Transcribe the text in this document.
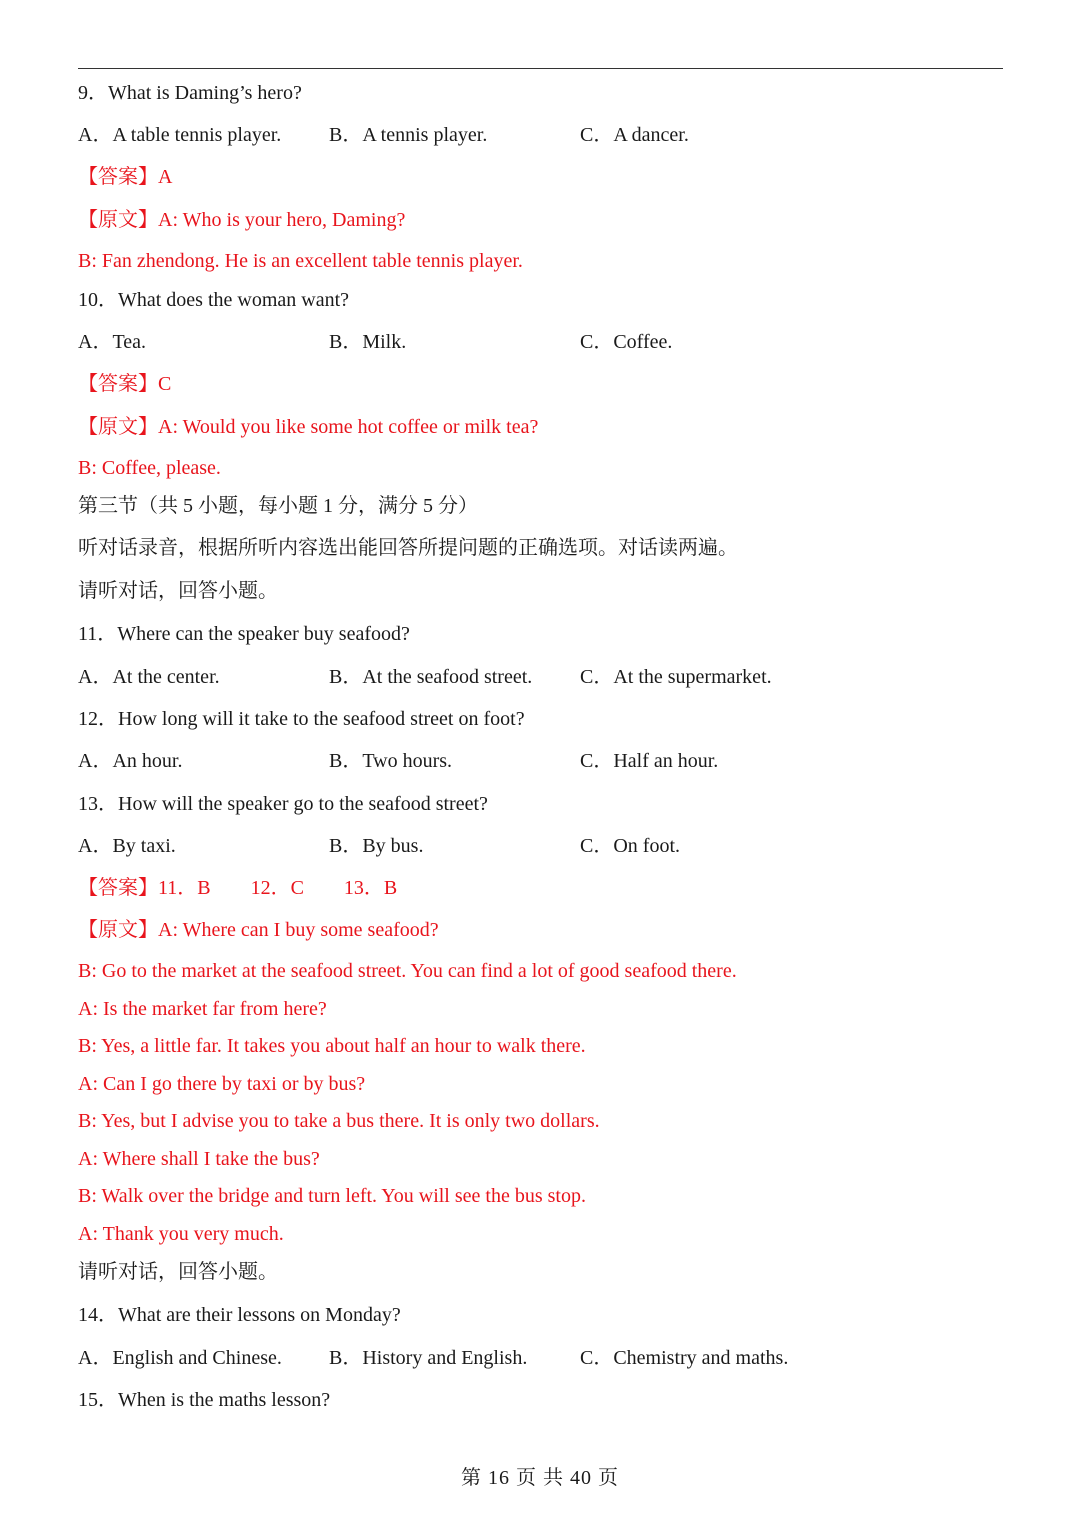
9．What is Daming’s hero?
A．A table tennis player. B．A tennis player.	C．A dancer.
【答案】A
【原文】A: Who is your hero, Daming?
B: Fan zhendong. He is an excellent table tennis player.
10．What does the woman want?
A．Tea.	B．Milk.	C．Coffee.
【答案】C
【原文】A: Would you like some hot coffee or milk tea?
B: Coffee, please.
第三节（共 5 小题，每小题 1 分，满分 5 分）
听对话录音，根据所听内容选出能回答所提问题的正确选项。对话读两遍。
请听对话，回答小题。
11．Where can the speaker buy seafood?
A．At the center.	B．At the seafood street. C．At the supermarket.
12．How long will it take to the seafood street on foot?
A．An hour.	B．Two hours.	C．Half an hour.
13．How will the speaker go to the seafood street?
A．By taxi.	B．By bus.	C．On foot.
【答案】11．B　　12．C　　13．B
【原文】A: Where can I buy some seafood?
B: Go to the market at the seafood street. You can find a lot of good seafood there.
A: Is the market far from here?
B: Yes, a little far. It takes you about half an hour to walk there.
A: Can I go there by taxi or by bus?
B: Yes, but I advise you to take a bus there. It is only two dollars.
A: Where shall I take the bus?
B: Walk over the bridge and turn left. You will see the bus stop.
A: Thank you very much.
请听对话，回答小题。
14．What are their lessons on Monday?
A．English and Chinese. B．History and English.	C．Chemistry and maths.
15．When is the maths lesson?
第 16 页 共 40 页
